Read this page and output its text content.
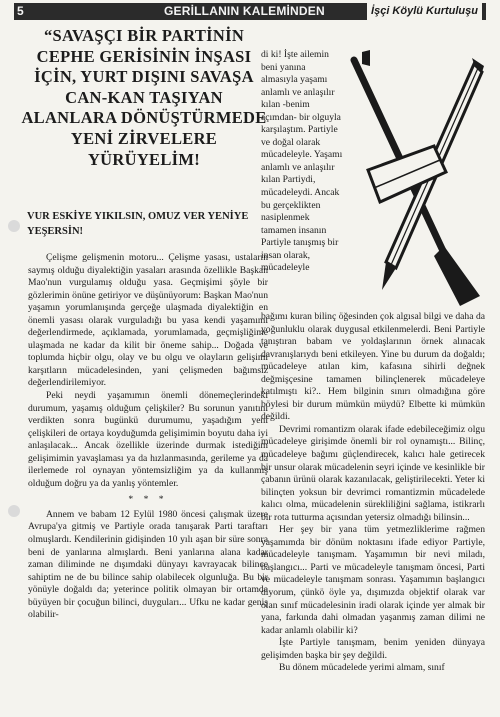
5	GERİLLANIN KALEMİNDEN	İşçi Köylü Kurtuluşu
“SAVAŞÇI BİR PARTİNİN CEPHE GERİSİNİN İNŞASI İÇİN, YURT DIŞINI SAVAŞA CAN-KAN TAŞIYAN ALANLARA DÖNÜŞTÜRMEDE YENİ ZİRVELERE YÜRÜYELİM!
VUR ESKİYE YIKILSIN, OMUZ VER YENİYE YEŞERSİN!

Çelişme gelişmenin motoru... Çelişme yasası, ustaların saymış olduğu diyalektiğin yasaları arasında özellikle Başkan Mao'nun vurgulamış olduğu yasa. Geçmişimi şöyle bir gözlerimin önüne getiriyor ve düşünüyorum: Başkan Mao'nun yaşamın yorumlanışında gerçeğe ulaşmada diyalektiğin en önemli yasası olarak vurguladığı bu yasa kendi yaşamımı değerlendirmede, açıklamada, yorumlamada, geçmişliğime ulaşmada ne kadar da kilit bir öneme sahip... Doğada ve toplumda hiçbir olgu, olay ve bu olgu ve olayların gelişimi karşıtların mücadelesinden, yani çelişmeden bağımsız değerlendirilemiyor.

Peki neydi yaşamımın önemli dönemeçlerindeki durumum, yaşamış olduğum çelişkiler? Bu sorunun yanıtını verdikten sonra bugünkü durumumu, yaşadığım yeni çelişkileri de ortaya koyduğumda gelişimimin boyutu daha iyi anlaşılacak... Ancak özellikle üzerinde durmak istediğim gelişimimin yavaşlaması ya da hızlanmasında, gerileme ya da ilerlemede rol oynayan yöntemsizliğim ya da kullanmış olduğum doğru ya da yanlış yöntemler.

* * *

Annem ve babam 12 Eylül 1980 öncesi çalışmak üzere Avrupa'ya gitmiş ve Partiyle orada tanışarak Parti taraftarı olmuşlardı. Kendilerinin gidişinden 10 yılı aşan bir süre sonra beni de yanlarına almışlardı. Beni yanlarına alana kadar zaman diliminde ne dışımdaki dünyayı kavrayacak bilince sahiptim ne de bu bilince sahip olabilecek olgunluğa. Bu bir yönüyle doğaldı da; yeterince politik olmayan bir ortamda büyüyen bir çocuğun bilinci, duyguları... Ufku ne kadar geniş olabilir-

di ki! İşte ailemin beni yanına almasıyla yaşamı anlamlı ve anlaşılır kılan -benim açımdan- bir olguyla karşılaştım. Partiyle ve doğal olarak mücadeleyle. Yaşamı anlamlı ve anlaşılır kılan Partiydi, mücadeleydi. Ancak bu gerçeklikten nasiplenmek tamamen insanın Partiyle tanışmış bir insan olarak, mücadeleyle

bağımı kuran bilinç öğesinden çok algısal bilgi ve daha da yoğunluklu olarak duygusal etkilenmelerdi. Beni Partiyle tanıştıran babam ve yoldaşlarının örnek alınacak davranışlarıydı beni etkileyen. Yine bu durum da doğaldı; mücadeleye atılan kim, kafasına sihirli değnek değmişçesine tamamen bilinçlenerek mücadeleye katılmıştı ki?.. Hem bilginin sınırı olmadığına göre böylesi bir durum mümkün müydü? Elbette ki mümkün değildi.

Devrimi romantizm olarak ifade edebileceğimiz olgu mücadeleye girişimde önemli bir rol oynamıştı... Bilinç, mücadeleye bağımı güçlendirecek, kalıcı hale getirecek bir unsur olarak mücadelenin seyri içinde ve kesinlikle bir çabanın ürünü olarak kazanılacak, geliştirilecekti. Yeter ki bilinçten yoksun bir devrimci romantizmin mücadelede kalıcı olma, mücadelenin sürekliliğini sağlama, istikrarlı bir rota tutturma açısından yetersiz olmadığı bilinsin...

Her şey bir yana tüm yetmezliklerime rağmen yaşamımda bir dönüm noktasını ifade ediyor Partiyle, mücadeleyle tanışmam. Yaşamımın bir nevi miladı, başlangıcı... Parti ve mücadeleyle tanışmam öncesi, Parti ve mücadeleyle tanışmam sonrası. Yaşamımın başlangıcı diyorum, çünkö öyle ya, dışımızda objektif olarak var olan sınıf mücadelesinin iradi olarak içinde yer almak bir yana, farkında dahi olmadan yaşanmış zaman dilimi ne kadar anlamlı olabilir ki?

İşte Partiyle tanışmam, benim yeniden dünyaya gelişimden başka bir şey değildi.

Bu dönem mücadelede yerimi almam, sınıf
